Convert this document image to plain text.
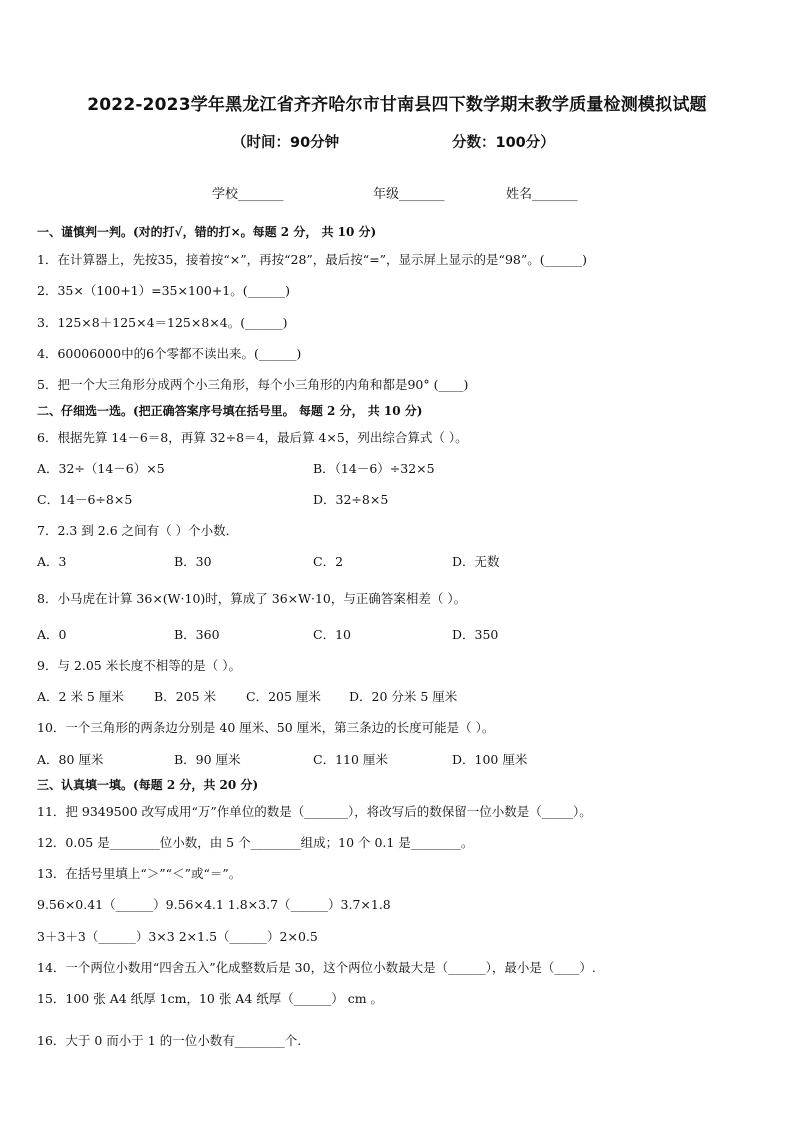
2022-2023学年黑龙江省齐齐哈尔市甘南县四下数学期末教学质量检测模拟试题
（时间：90分钟	分数：100分）
学校_______	年级_______	姓名_______
一、谨慎判一判。(对的打√，错的打×。每题 2 分， 共 10 分)
1．在计算器上，先按35，接着按“×”，再按“28”，最后按“=”，显示屏上显示的是“98”。(______)
2．35×（100+1）=35×100+1。(______)
3．125×8＋125×4＝125×8×4。(______)
4．60006000中的6个零都不读出来。(______)
5．把一个大三角形分成两个小三角形，每个小三角形的内角和都是90° (____)
二、仔细选一选。(把正确答案序号填在括号里。 每题 2 分， 共 10 分)
6．根据先算 14－6＝8，再算 32÷8＝4，最后算 4×5，列出综合算式（ ）。
A．32÷（14－6）×5	B．（14－6）÷32×5
C．14－6÷8×5	D．32÷8×5
7．2.3 到 2.6 之间有（ ）个小数．
A．3	B．30	C．2	D．无数
8．小马虎在计算 36×(W·10)时，算成了 36×W·10，与正确答案相差（ ）。
A．0	B．360	C．10	D．350
9．与 2.05 米长度不相等的是（ ）。
A．2 米 5 厘米 B．205 米 C．205 厘米 D．20 分米 5 厘米
10．一个三角形的两条边分别是 40 厘米、50 厘米，第三条边的长度可能是（ ）。
A．80 厘米	B．90 厘米	C．110 厘米	D．100 厘米
三、认真填一填。(每题 2 分，共 20 分)
11．把 9349500 改写成用“万”作单位的数是（_______），将改写后的数保留一位小数是（_____）。
12．0.05 是________位小数，由 5 个________组成；10 个 0.1 是________。
13．在括号里填上“＞”“＜”或“＝”。
9.56×0.41（______）9.56×4.1 1.8×3.7（______）3.7×1.8
3＋3＋3（______）3×3 2×1.5（______）2×0.5
14．一个两位小数用“四舍五入”化成整数后是 30，这个两位小数最大是（______），最小是（____）.
15．100 张 A4 纸厚 1cm，10 张 A4 纸厚（______） cm 。
16．大于 0 而小于 1 的一位小数有________个.
